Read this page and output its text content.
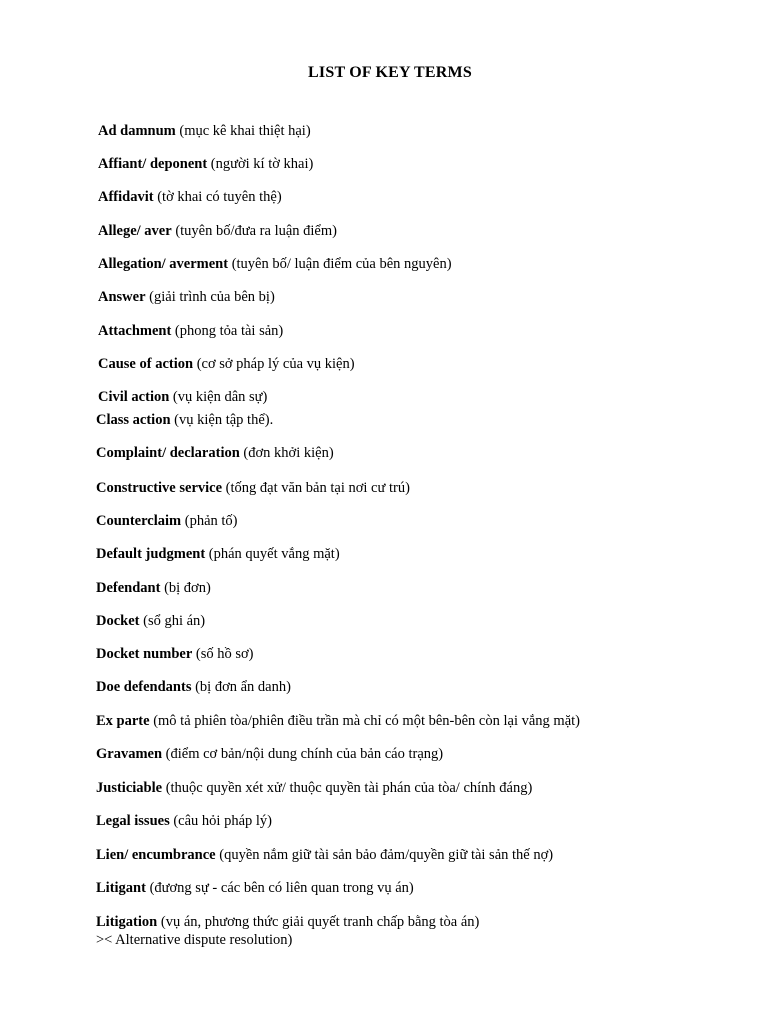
LIST OF KEY TERMS
Ad damnum (mục kê khai thiệt hại)
Affiant/ deponent (người kí tờ khai)
Affidavit (tờ khai có tuyên thệ)
Allege/ aver (tuyên bố/đưa ra luận điểm)
Allegation/ averment (tuyên bố/ luận điểm của bên nguyên)
Answer (giải trình của bên bị)
Attachment (phong tỏa tài sản)
Cause of action (cơ sở pháp lý của vụ kiện)
Civil action (vụ kiện dân sự)
Class action (vụ kiện tập thể).
Complaint/ declaration (đơn khởi kiện)
Constructive service (tống đạt văn bản tại nơi cư trú)
Counterclaim (phản tố)
Default judgment (phán quyết vắng mặt)
Defendant (bị đơn)
Docket (sổ ghi án)
Docket number (số hồ sơ)
Doe defendants (bị đơn ẩn danh)
Ex parte (mô tả phiên tòa/phiên điều trần mà chỉ có một bên-bên còn lại vắng mặt)
Gravamen (điểm cơ bản/nội dung chính của bản cáo trạng)
Justiciable (thuộc quyền xét xử/ thuộc quyền tài phán của tòa/ chính đáng)
Legal issues (câu hỏi pháp lý)
Lien/ encumbrance (quyền nắm giữ tài sản bảo đảm/quyền giữ tài sản thế nợ)
Litigant (đương sự - các bên có liên quan trong vụ án)
Litigation (vụ án, phương thức giải quyết tranh chấp bằng tòa án)
>< Alternative dispute resolution)
